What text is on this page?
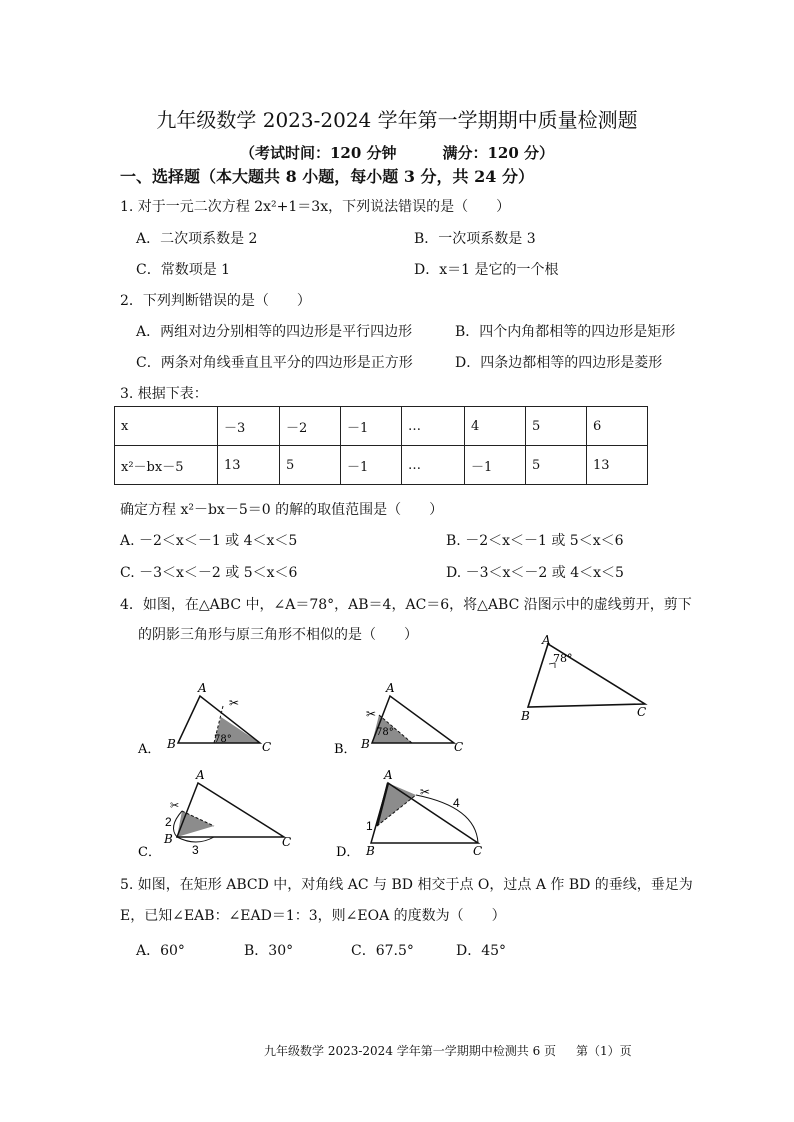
九年级数学 2023-2024 学年第一学期期中质量检测题
（考试时间：120 分钟	满分：120 分）
一、选择题（本大题共 8 小题，每小题 3 分，共 24 分）
1. 对于一元二次方程 2x²+1＝3x，下列说法错误的是（　　）
A．二次项系数是 2	B．一次项系数是 3
C．常数项是 1	D．x＝1 是它的一个根
2．下列判断错误的是（　　）
A．两组对边分别相等的四边形是平行四边形	B．四个内角都相等的四边形是矩形
C．两条对角线垂直且平分的四边形是正方形	D．四条边都相等的四边形是菱形
3. 根据下表：
x	－3	－2	－1	…	4	5	6
x²－bx－5	13	5	－1	…	－1	5	13
确定方程 x²－bx－5＝0 的解的取值范围是（　　）
A. －2＜x＜－1 或 4＜x＜5	B. －2＜x＜－1 或 5＜x＜6
C. －3＜x＜－2 或 5＜x＜6	D. －3＜x＜－2 或 4＜x＜5
4．如图，在△ABC 中，∠A＝78°，AB＝4，AC＝6，将△ABC 沿图示中的虚线剪开，剪下
的阴影三角形与原三角形不相似的是（　　）	A
78°
B	C
✂
A
B	C
78°
A．
✂
A
B	C
78°
B．
✂
A
B	C
2
3
C．
✂
A
B	C
1
4
D．
5. 如图，在矩形 ABCD 中，对角线 AC 与 BD 相交于点 O，过点 A 作 BD 的垂线，垂足为
E，已知∠EAB：∠EAD＝1：3，则∠EOA 的度数为（　　）
A．60°	B．30°	C．67.5°	D．45°
九年级数学 2023-2024 学年第一学期期中检测共 6 页 第（1）页
